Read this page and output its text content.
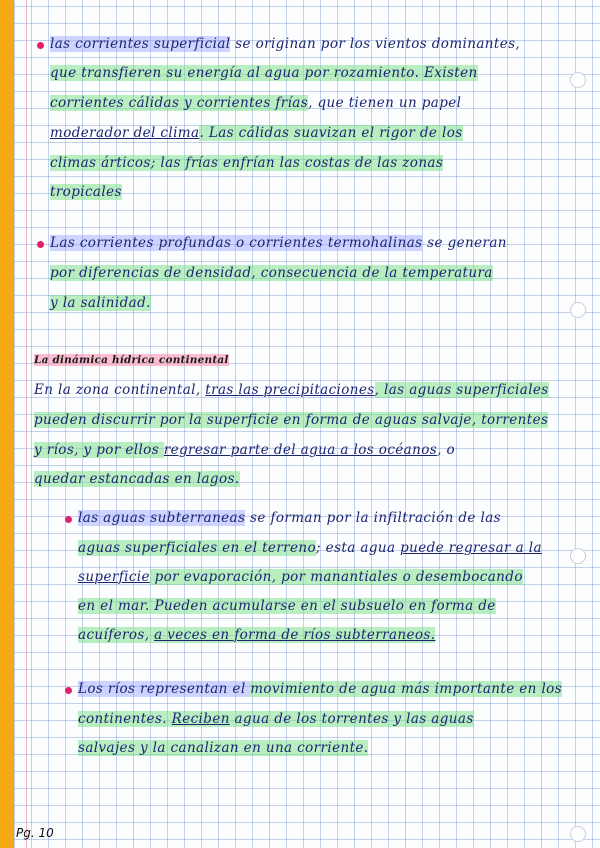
las corrientes superficial se originan por los vientos dominantes,
que transfieren su energía al agua por rozamiento. Existen
corrientes cálidas y corrientes frías, que tienen un papel
moderador del clima. Las cálidas suavizan el rigor de los
climas árticos; las frías enfrían las costas de las zonas
tropicales
Las corrientes profundas o corrientes termohalinas se generan
por diferencias de densidad, consecuencia de la temperatura
y la salinidad.
La dinámica hídrica continental
En la zona continental, tras las precipitaciones, las aguas superficiales
pueden discurrir por la superficie en forma de aguas salvaje, torrentes
y ríos, y por ellos regresar parte del agua a los océanos, o
quedar estancadas en lagos.
las aguas subterraneas se forman por la infiltración de las
aguas superficiales en el terreno; esta agua puede regresar a la
superficie por evaporación, por manantiales o desembocando
en el mar. Pueden acumularse en el subsuelo en forma de
acuíferos, a veces en forma de ríos subterraneos.
Los ríos representan el movimiento de agua más importante en los
continentes. Reciben agua de los torrentes y las aguas
salvajes y la canalizan en una corriente.
Pg. 10
